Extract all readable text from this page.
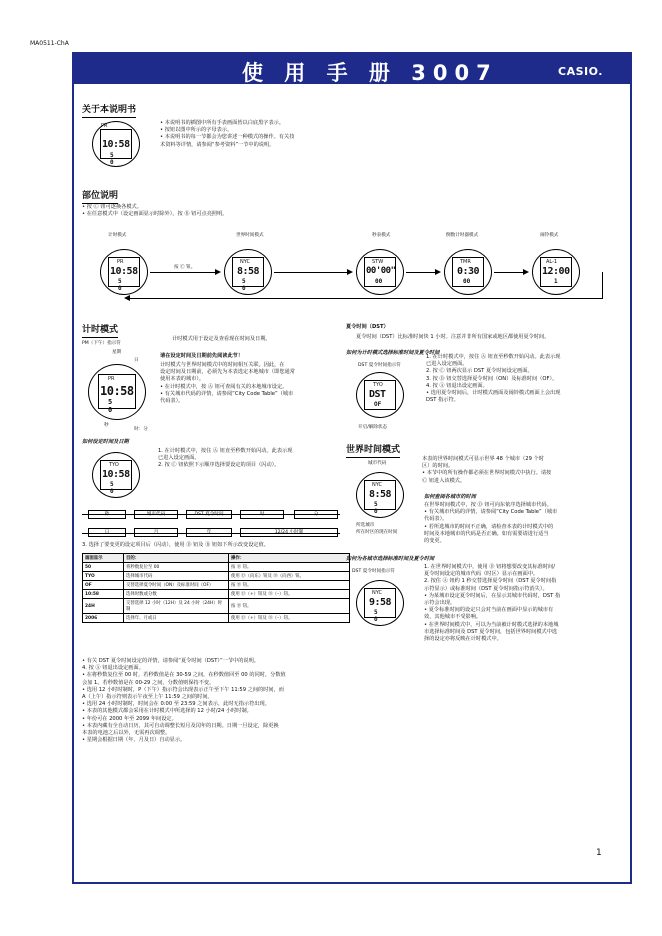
MA0511-ChA
使 用 手 册 3007	CASIO.
关于本说明书
PR
10:58
5 0

• 本说明书的插图中所有手表画面皆以白底黑字表示。

• 按钮以图中所示的字母表示。

• 本说明书的每一节都会为您讲述一种模式的操作。有关技

术资料等详情，请参阅“参考资料”一节中的说明。

部位说明

• 按 Ⓒ 钮可逐换各模式。

• 在任意模式中（设定画面显示时除外），按 Ⓑ 钮可点亮照明。

计时模式	世界时间模式	秒表模式	倒数计时器模式	闹铃模式
PR
10:58
5 0
NYC
8:58
5 0
STW
00'00"
00
TMR
0:30
00
AL-1
12:00
1
按 Ⓒ 钮。
计时模式
计时模式用于设定及查看现在时间及日期。
PM（下午）指示符
星期
日
PR
10:58
5 0
秒
时：分
请在设定时间及日期前先阅读此节！

计时模式与世界时间模式中的时间相互关联。因此，在

设定时间及日期前，必须先为本表选定本地城市（即您通常

使用本表的城市）。

• 在计时模式中，按 Ⓐ 钮可查阅有关的本地城市设定。

• 有关城市代码的详情，请参阅“City Code Table”（城市

代码表）。

如何设定时间及日期
TYO
10:58
5 0

1. 在计时模式中，按住 Ⓐ 钮直至秒数开始闪动。此表示现

已进入设定画面。

2. 按 Ⓒ 钮依照下示顺序选择要设定的项目（闪动）。

秒	城市代码	DST 夏令时间	时	分
日	月	年	12/24 小时制
3. 选择了要变更的设定项目后（闪动），使用 Ⓓ 钮及 Ⓑ 钮如下所示改变设定值。
画面显示	目的：	操作：
50	将秒数复位至 00	按 Ⓓ 钮。
TYO	选择城市代码	使用 Ⓓ（向东）钮及 Ⓑ（向西）钮。
OF	交替选择夏令时间（ON）及标准时间（OF）	按 Ⓓ 钮。
10:58	选择时数或分数	使用 Ⓓ（+）钮及 Ⓑ（–）钮。
24H	交替选择 12 小时（12H）及 24 小时（24H）时制	按 Ⓓ 钮。
2006	选择年、月或日	使用 Ⓓ（+）钮及 Ⓑ（–）钮。

• 有关 DST 夏令时间设定的详情，请参阅“夏令时间（DST）”一节中的说明。

4. 按 Ⓐ 钮退出设定画面。

• 在将秒数复位至 00 时，若秒数值是在 30-59 之间，在秒数值回至 00 的同时，分数值

会加 1。若秒数值是在 00-29 之间，分数值则保持不变。

• 选用 12 小时时制时，P（下午）指示符会出现表示正午至下午 11:59 之间的时间，而

A（上午）指示符则表示午夜至上午 11:59 之间的时间。

• 选用 24 小时时制时，时间会在 0:00 至 23:59 之间表示，此时无指示符出现。

• 本表的其他模式都会采用在计时模式中所选择的 12 小时/24 小时时制。

• 年份可在 2000 年至 2099 年间设定。

• 本表内藏有全自动日历，其可自动调整长短月及闰年的日期。日期一旦设定，除更换

本表的电池之后以外，无需再次调整。

• 星期会根据日期（年、月及日）自动显示。

夏令时间（DST）
夏令时间（DST）比标准时间快 1 小时。注意并非所有国家或地区都使用夏令时间。
如何为计时模式选择标准时间及夏令时间
DST 夏令时间指示符
TYO
DST
OF
开启/解除状态

1. 在计时模式中，按住 Ⓐ 钮直至秒数开始闪动。此表示现

已进入设定画面。

2. 按 Ⓒ 钮两次显示 DST 夏令时间设定画面。

3. 按 Ⓓ 钮交替选择夏令时间（ON）及标准时间（OF）。

4. 按 Ⓐ 钮退出设定画面。

• 选用夏令时间后，计时模式画面及闹铃模式画面上会出现

DST 指示符。

世界时间模式
城市代码
NYC
8:58
5 0
所选城市
所在时区的现在时间

本表的世界时间模式可显示世界 48 个城市（29 个时

区）的时间。

• 本节中的所有操作都必须在世界时间模式中执行。请按

Ⓒ 钮进入该模式。

如何查阅各城市的时间

在世界时间模式中，按 Ⓓ 钮可向东依序选择城市代码。

• 有关城市代码的详情，请参阅“City Code Table”（城市

代码表）。

• 若所选城市的时间不正确，请检查本表的计时模式中的

时间及本地城市的代码是否正确。如有需要请进行适当

的变更。

如何为各城市选择标准时间及夏令时间
DST 夏令时间指示符
NYC
9:58
5 0

1. 在世界时间模式中，使用 Ⓓ 钮将想要改变其标准时间/

夏令时间设定的城市代码（时区）显示在画面中。

2. 按住 Ⓐ 钮约 1 秒交替选择夏令时间（DST 夏令时间指

示符显示）或标准时间（DST 夏令时间指示符消失）。

• 为某城市设定夏令时间后，在显示其城市代码时，DST 指

示符会出现。

• 夏令标准时间的设定只会对当前在画面中显示的城市有

效，其他城市不受影响。

• 在世界时间模式中，可以为当前被计时模式选择的本地城

市选择标准时间及 DST 夏令时间，包括世界时间模式中选

择的设定亦将反映在计时模式中。

1
